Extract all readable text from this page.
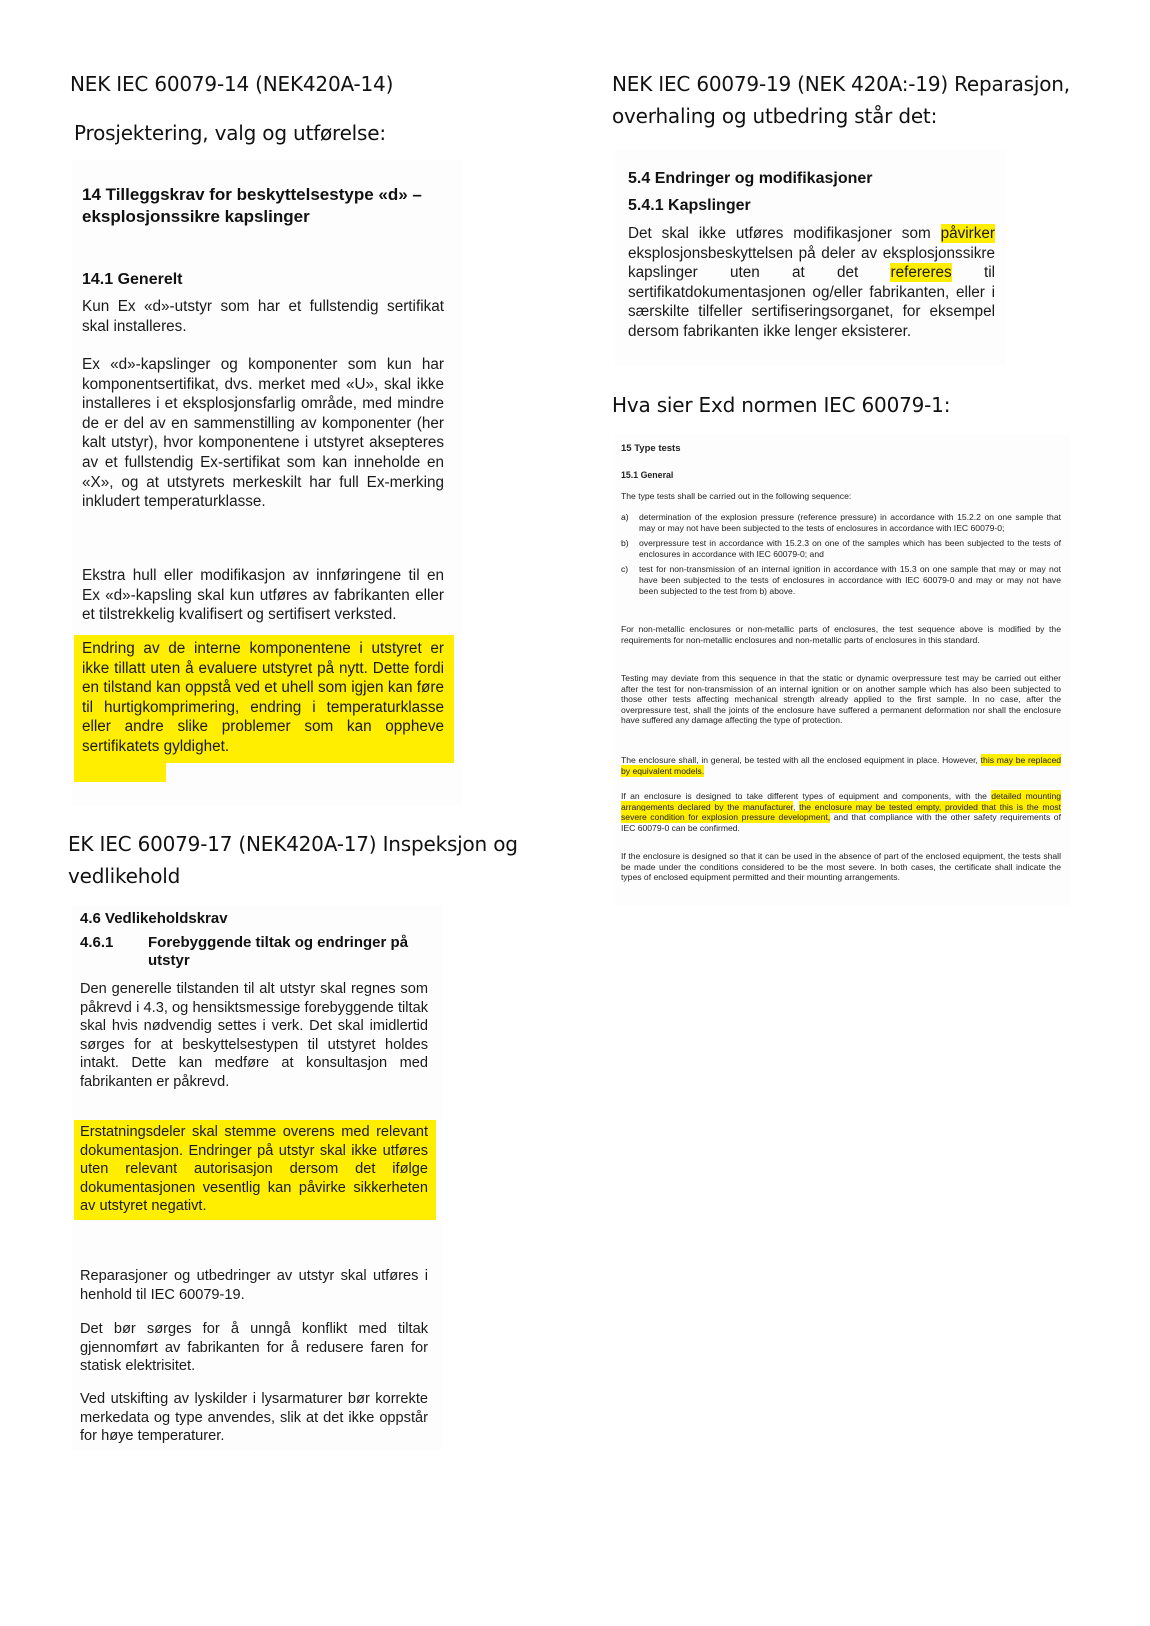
NEK IEC 60079-14 (NEK420A-14)
Prosjektering, valg og utførelse:

14 Tilleggskrav for beskyttelsestype «d» – eksplosjonssikre kapslinger

14.1 Generelt

Kun Ex «d»-utstyr som har et fullstendig sertifikat skal installeres.

Ex «d»-kapslinger og komponenter som kun har komponentsertifikat, dvs. merket med «U», skal ikke installeres i et eksplosjonsfarlig område, med mindre de er del av en sammenstilling av komponenter (her kalt utstyr), hvor komponentene i utstyret aksepteres av et fullstendig Ex-sertifikat som kan inneholde en «X», og at utstyrets merkeskilt har full Ex-merking inkludert temperaturklasse.

Ekstra hull eller modifikasjon av innføringene til en Ex «d»-kapsling skal kun utføres av fabrikanten eller et tilstrekkelig kvalifisert og sertifisert verksted.

Endring av de interne komponentene i utstyret er ikke tillatt uten å evaluere utstyret på nytt. Dette fordi en tilstand kan oppstå ved et uhell som igjen kan føre til hurtigkomprimering, endring i temperaturklasse eller andre slike problemer som kan oppheve sertifikatets gyldighet.

EK IEC 60079-17 (NEK420A-17) Inspeksjon og vedlikehold

4.6 Vedlikeholdskrav

4.6.1 Forebyggende tiltak og endringer på utstyr

Den generelle tilstanden til alt utstyr skal regnes som påkrevd i 4.3, og hensiktsmessige forebyggende tiltak skal hvis nødvendig settes i verk. Det skal imidlertid sørges for at beskyttelsestypen til utstyret holdes intakt. Dette kan medføre at konsultasjon med fabrikanten er påkrevd.

Erstatningsdeler skal stemme overens med relevant dokumentasjon. Endringer på utstyr skal ikke utføres uten relevant autorisasjon dersom det ifølge dokumentasjonen vesentlig kan påvirke sikkerheten av utstyret negativt.

Reparasjoner og utbedringer av utstyr skal utføres i henhold til IEC 60079-19.

Det bør sørges for å unngå konflikt med tiltak gjennomført av fabrikanten for å redusere faren for statisk elektrisitet.

Ved utskifting av lyskilder i lysarmaturer bør korrekte merkedata og type anvendes, slik at det ikke oppstår for høye temperaturer.

NEK IEC 60079-19 (NEK 420A:-19) Reparasjon, overhaling og utbedring står det:

5.4 Endringer og modifikasjoner

5.4.1 Kapslinger

Det skal ikke utføres modifikasjoner som påvirker eksplosjonsbeskyttelsen på deler av eksplosjonssikre kapslinger uten at det refereres til sertifikatdokumentasjonen og/eller fabrikanten, eller i særskilte tilfeller sertifiseringsorganet, for eksempel dersom fabrikanten ikke lenger eksisterer.

Hva sier Exd normen IEC 60079-1:

15 Type tests

15.1 General

The type tests shall be carried out in the following sequence:

a)	determination of the explosion pressure (reference pressure) in accordance with 15.2.2 on one sample that may or may not have been subjected to the tests of enclosures in accordance with IEC 60079-0;

b)	overpressure test in accordance with 15.2.3 on one of the samples which has been subjected to the tests of enclosures in accordance with IEC 60079-0; and

c)	test for non-transmission of an internal ignition in accordance with 15.3 on one sample that may or may not have been subjected to the tests of enclosures in accordance with IEC 60079-0 and may or may not have been subjected to the test from b) above.

For non-metallic enclosures or non-metallic parts of enclosures, the test sequence above is modified by the requirements for non-metallic enclosures and non-metallic parts of enclosures in this standard.

Testing may deviate from this sequence in that the static or dynamic overpressure test may be carried out either after the test for non-transmission of an internal ignition or on another sample which has also been subjected to those other tests affecting mechanical strength already applied to the first sample. In no case, after the overpressure test, shall the joints of the enclosure have suffered a permanent deformation nor shall the enclosure have suffered any damage affecting the type of protection.

The enclosure shall, in general, be tested with all the enclosed equipment in place. However, this may be replaced by equivalent models.

If an enclosure is designed to take different types of equipment and components, with the detailed mounting arrangements declared by the manufacturer, the enclosure may be tested empty, provided that this is the most severe condition for explosion pressure development, and that compliance with the other safety requirements of IEC 60079-0 can be confirmed.

If the enclosure is designed so that it can be used in the absence of part of the enclosed equipment, the tests shall be made under the conditions considered to be the most severe. In both cases, the certificate shall indicate the types of enclosed equipment permitted and their mounting arrangements.
